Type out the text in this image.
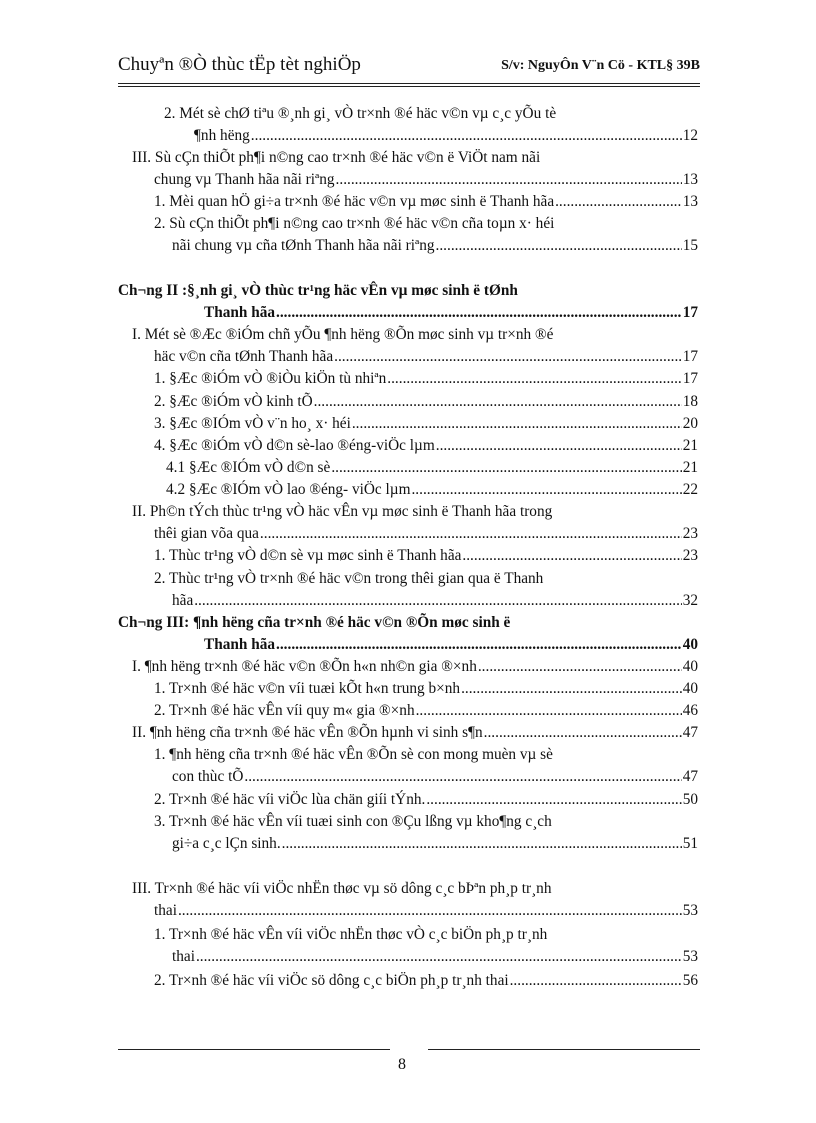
Chuyªn ®Ò thùc tËp tèt nghiÖp	S/v: NguyÔn V¨n Cö - KTL§ 39B
2. Mét sè chØ tiªu ®¸nh gi¸ vÒ tr×nh ®é häc v©n vµ c¸c yÕu tè
¶nh hëng .....	12
III. Sù cÇn thiÕt ph¶i n©ng cao tr×nh ®é häc v©n ë ViÖt nam nãi
chung vµ Thanh hãa nãi riªng .....	13
1. Mèi quan hÖ gi÷a tr×nh ®é häc v©n vµ møc sinh ë Thanh hãa .....	13
2. Sù cÇn thiÕt ph¶i n©ng cao tr×nh ®é häc v©n cña toµn x· héi
nãi chung vµ cña tØnh Thanh hãa nãi riªng .....	15
Ch¬ng II :§¸nh gi¸ vÒ thùc tr¹ng häc vÊn vµ møc sinh ë tØnh
Thanh hãa .....	17
I. Mét sè ®Æc ®iÓm chñ yÕu ¶nh hëng ®Õn møc sinh vµ tr×nh ®é
häc v©n cña tØnh Thanh hãa .....	17
1. §Æc ®iÓm vÒ ®iÒu kiÖn tù nhiªn .....	17
2. §Æc ®iÓm vÒ kinh tÕ .....	18
3. §Æc ®IÓm vÒ v¨n ho¸ x· héi .....	20
4. §Æc ®iÓm vÒ d©n sè-lao ®éng-viÖc lµm .....	21
4.1 §Æc ®IÓm vÒ d©n sè .....	21
4.2 §Æc ®IÓm vÒ lao ®éng- viÖc lµm .....	22
II. Ph©n tÝch thùc tr¹ng vÒ häc vÊn vµ møc sinh ë Thanh hãa trong
thêi gian võa qua .....	23
1. Thùc tr¹ng vÒ d©n sè vµ møc sinh ë Thanh hãa .....	23
2. Thùc tr¹ng vÒ tr×nh ®é häc v©n trong thêi gian qua ë Thanh
hãa .....	32
Ch¬ng III: ¶nh hëng cña tr×nh ®é häc v©n ®Õn møc sinh ë
Thanh hãa .....	40
I. ¶nh hëng tr×nh ®é häc v©n ®Õn h«n nh©n gia ®×nh .....	40
1. Tr×nh ®é häc v©n víi tuæi kÕt h«n trung b×nh .....	40
2. Tr×nh ®é häc vÊn víi quy m« gia ®×nh .....	46
II. ¶nh hëng cña tr×nh ®é häc vÊn ®Õn hµnh vi sinh s¶n .....	47
1. ¶nh hëng cña tr×nh ®é häc vÊn ®Õn sè con mong muèn vµ sè
con thùc tÕ .....	47
2. Tr×nh ®é häc víi viÖc lùa chän giíi tÝnh. .....	50
3. Tr×nh ®é häc vÊn víi tuæi sinh con ®Çu lßng vµ kho¶ng c¸ch
gi÷a c¸c lÇn sinh. .....	51
III. Tr×nh ®é häc víi viÖc nhËn thøc vµ sö dông c¸c bÞªn ph¸p tr¸nh
thai .....	53
1. Tr×nh ®é häc vÊn víi viÖc nhËn thøc vÒ c¸c biÖn ph¸p tr¸nh
thai .....	53
2. Tr×nh ®é häc víi viÖc sö dông c¸c biÖn ph¸p tr¸nh thai .....	56
8
